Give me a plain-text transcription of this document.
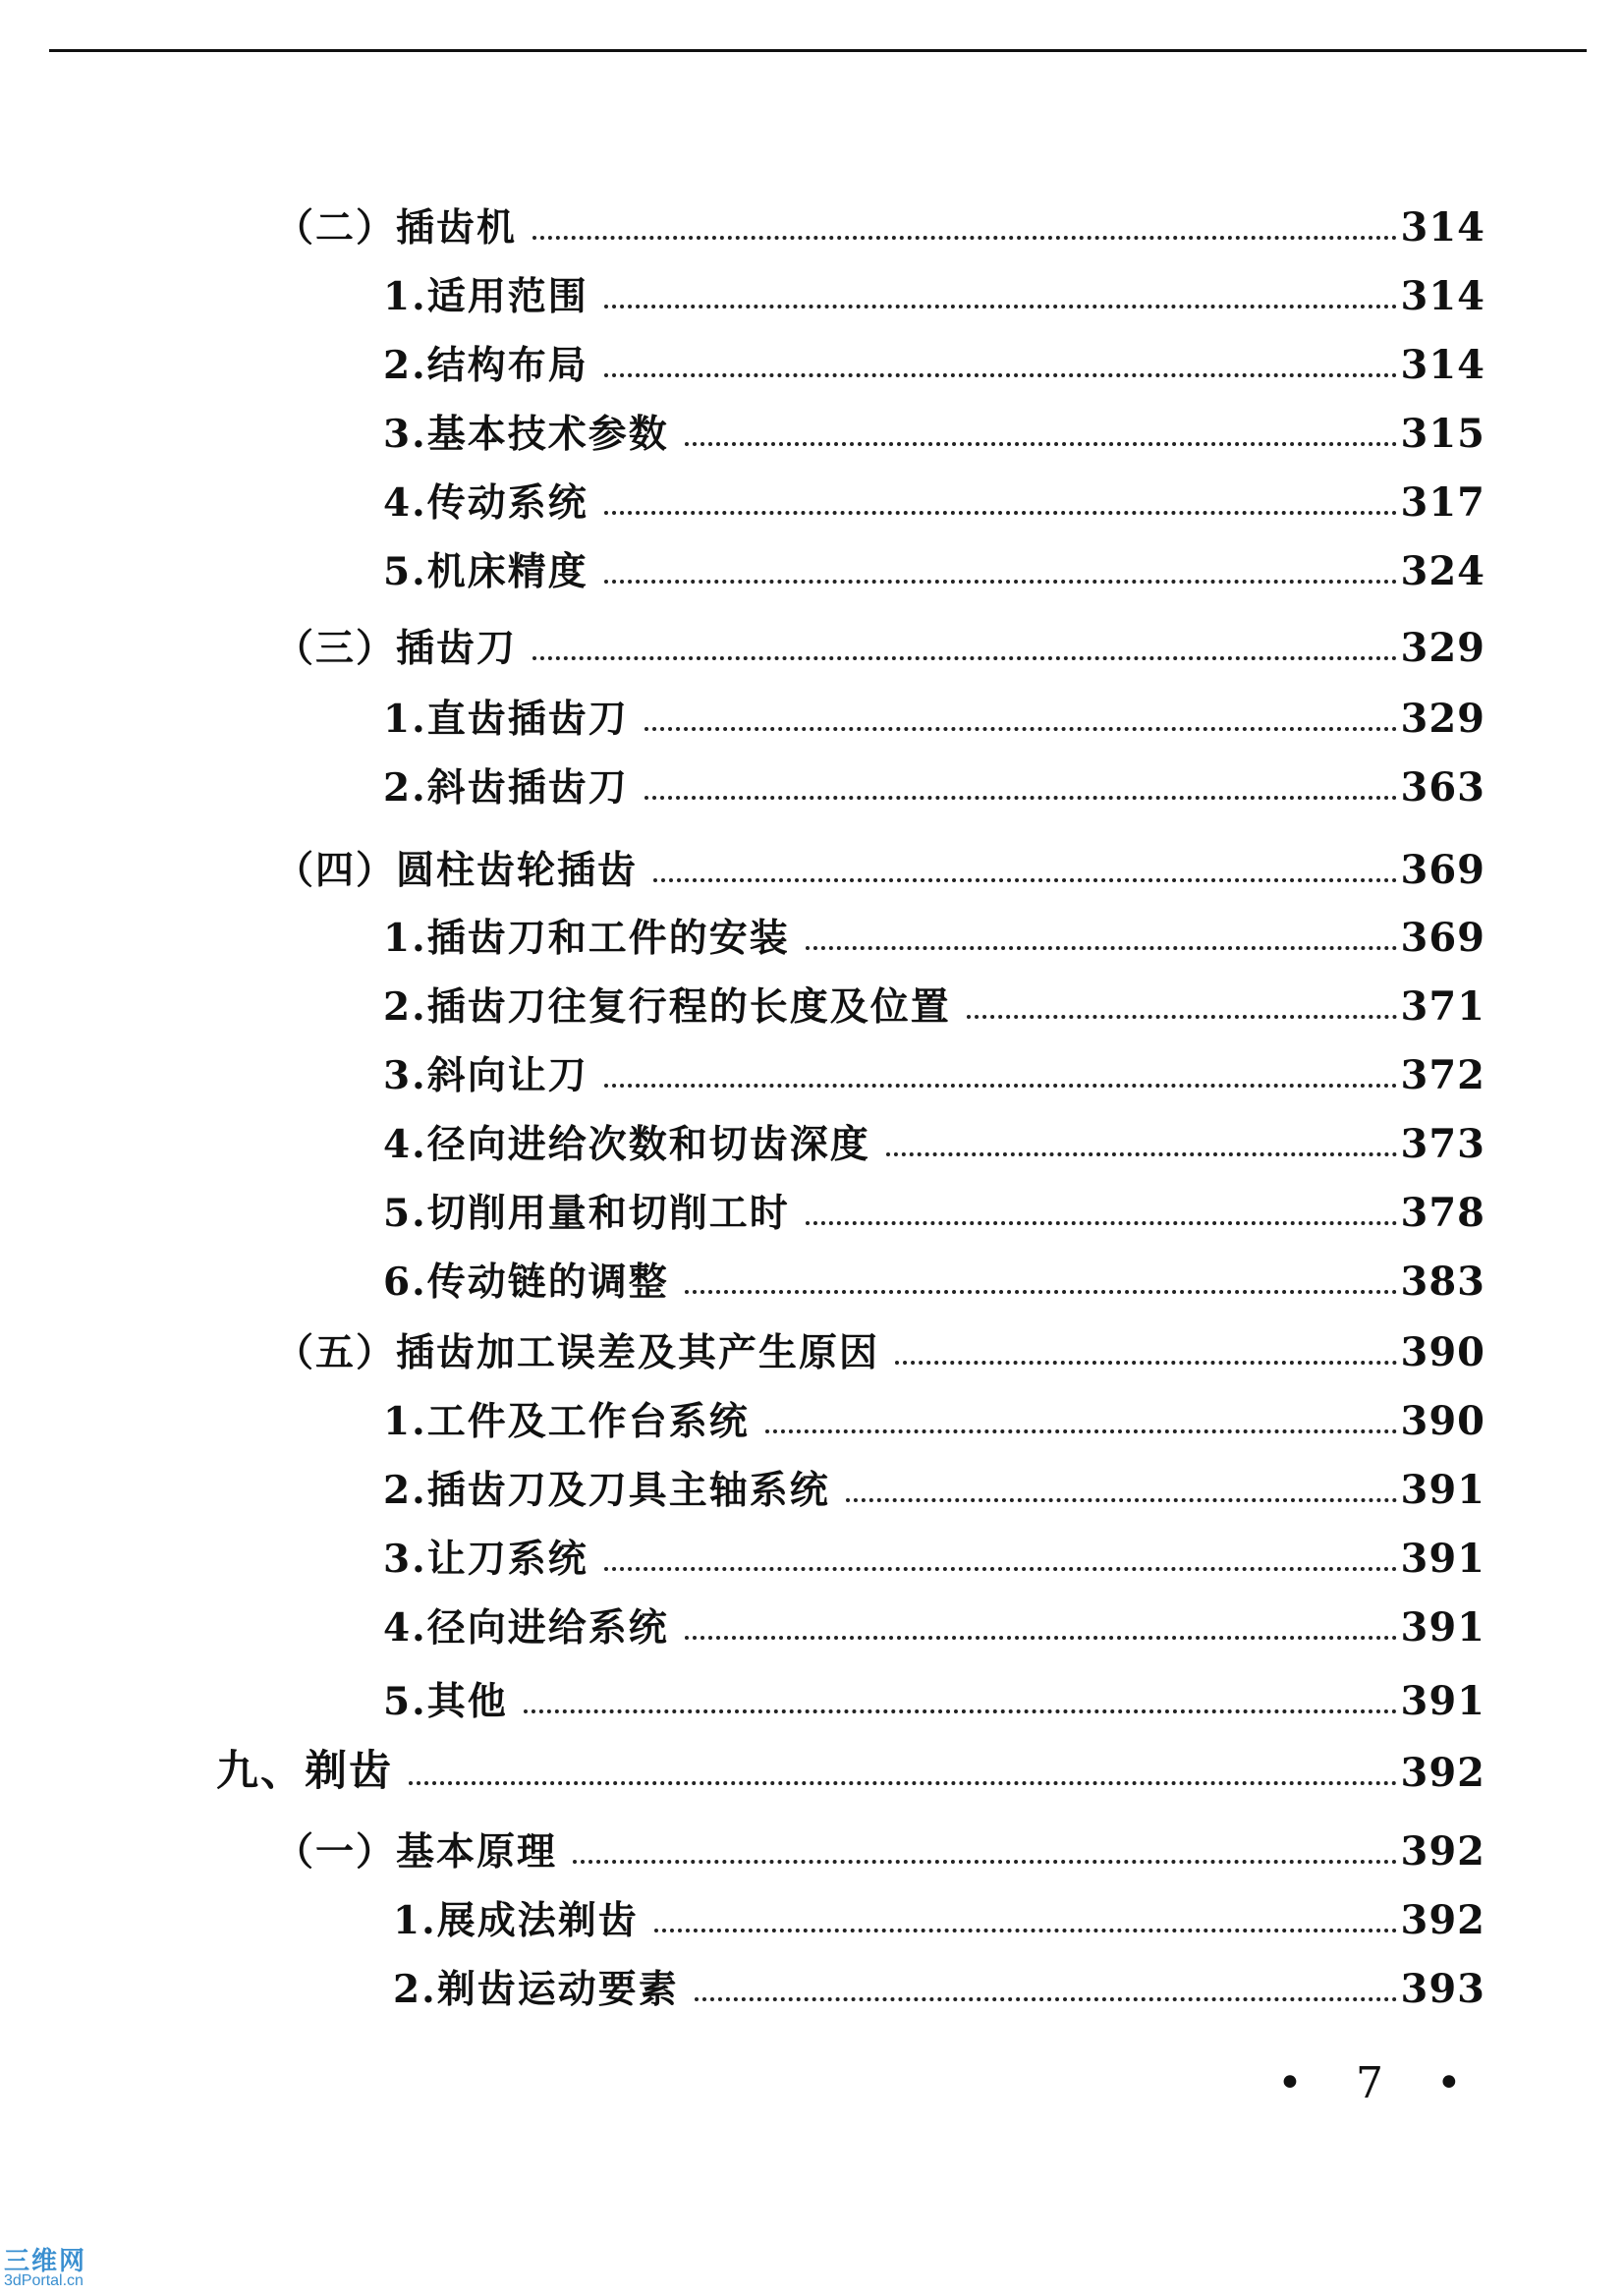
（二）插齿机	314
1.适用范围	314
2.结构布局	314
3.基本技术参数	315
4.传动系统	317
5.机床精度	324
（三）插齿刀	329
1.直齿插齿刀	329
2.斜齿插齿刀	363
（四）圆柱齿轮插齿	369
1.插齿刀和工件的安装	369
2.插齿刀往复行程的长度及位置	371
3.斜向让刀	372
4.径向进给次数和切齿深度	373
5.切削用量和切削工时	378
6.传动链的调整	383
（五）插齿加工误差及其产生原因	390
1.工件及工作台系统	390
2.插齿刀及刀具主轴系统	391
3.让刀系统	391
4.径向进给系统	391
5.其他	391
九、剃齿	392
（一）基本原理	392
1.展成法剃齿	392
2.剃齿运动要素	393
• 7 •
三维网
3dPortal.cn
